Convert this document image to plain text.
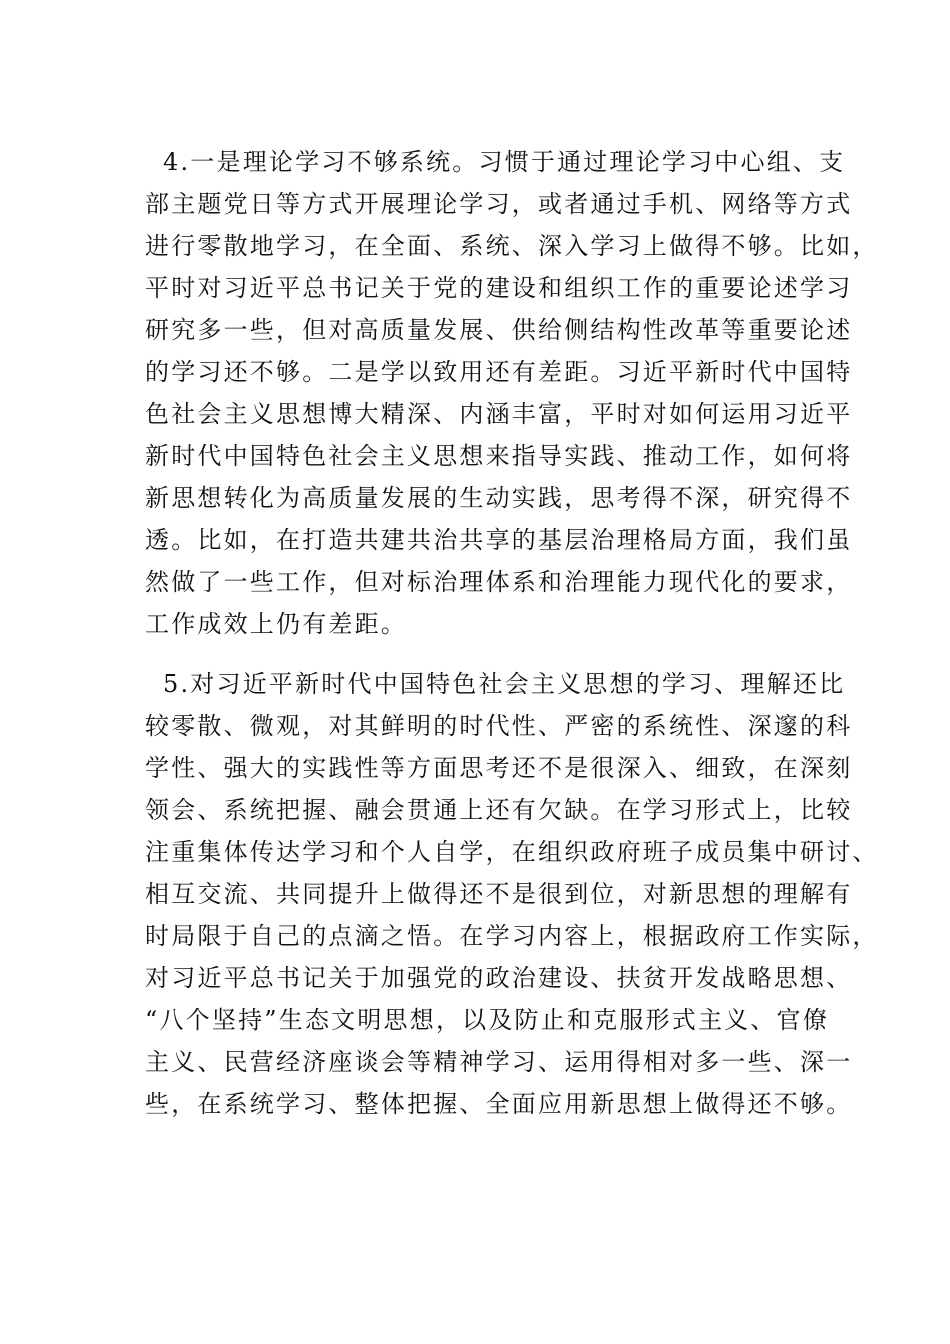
4.一是理论学习不够系统。习惯于通过理论学习中心组、支
部主题党日等方式开展理论学习，或者通过手机、网络等方式
进行零散地学习，在全面、系统、深入学习上做得不够。比如，
平时对习近平总书记关于党的建设和组织工作的重要论述学习
研究多一些，但对高质量发展、供给侧结构性改革等重要论述
的学习还不够。二是学以致用还有差距。习近平新时代中国特
色社会主义思想博大精深、内涵丰富，平时对如何运用习近平
新时代中国特色社会主义思想来指导实践、推动工作，如何将
新思想转化为高质量发展的生动实践，思考得不深，研究得不
透。比如，在打造共建共治共享的基层治理格局方面，我们虽
然做了一些工作，但对标治理体系和治理能力现代化的要求，
工作成效上仍有差距。

5.对习近平新时代中国特色社会主义思想的学习、理解还比
较零散、微观，对其鲜明的时代性、严密的系统性、深邃的科
学性、强大的实践性等方面思考还不是很深入、细致，在深刻
领会、系统把握、融会贯通上还有欠缺。在学习形式上，比较
注重集体传达学习和个人自学，在组织政府班子成员集中研讨、
相互交流、共同提升上做得还不是很到位，对新思想的理解有
时局限于自己的点滴之悟。在学习内容上，根据政府工作实际，
对习近平总书记关于加强党的政治建设、扶贫开发战略思想、
“八个坚持”生态文明思想，以及防止和克服形式主义、官僚
主义、民营经济座谈会等精神学习、运用得相对多一些、深一
些，在系统学习、整体把握、全面应用新思想上做得还不够。
